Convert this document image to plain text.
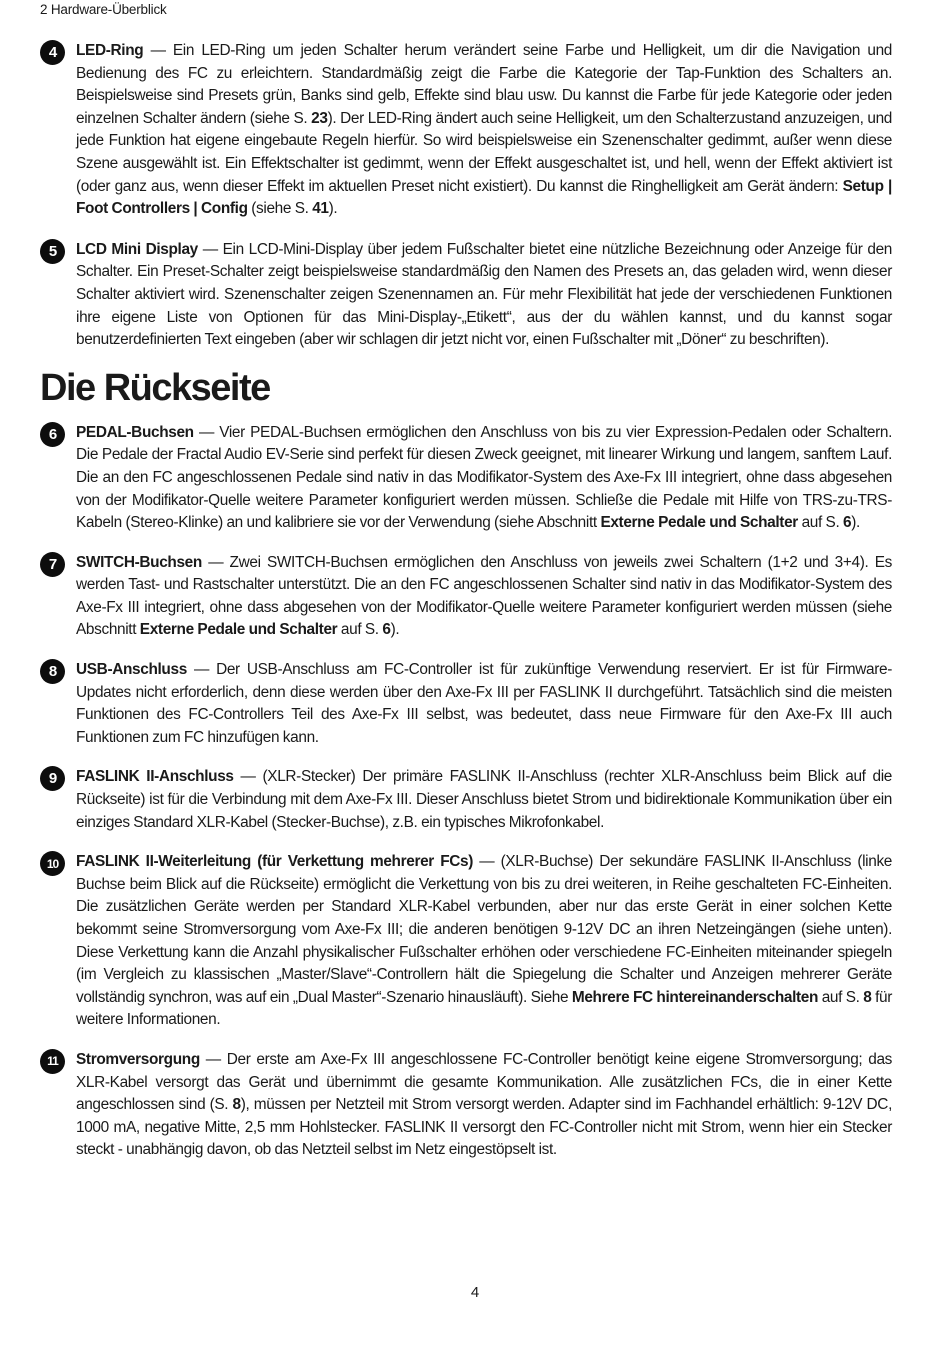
2 Hardware-Überblick
4	LED-Ring — Ein LED-Ring um jeden Schalter herum verändert seine Farbe und Helligkeit, um dir die Navigation und Bedienung des FC zu erleichtern. Standardmäßig zeigt die Farbe die Kategorie der Tap-Funktion des Schalters an. Beispielsweise sind Presets grün, Banks sind gelb, Effekte sind blau usw. Du kannst die Farbe für jede Kategorie oder jeden einzelnen Schalter ändern (siehe S. 23). Der LED-Ring ändert auch seine Helligkeit, um den Schalterzustand anzuzeigen, und jede Funktion hat eigene eingebaute Regeln hierfür. So wird beispielsweise ein Szenenschalter gedimmt, außer wenn diese Szene ausgewählt ist. Ein Effektschalter ist gedimmt, wenn der Effekt ausgeschaltet ist, und hell, wenn der Effekt aktiviert ist (oder ganz aus, wenn dieser Effekt im aktuellen Preset nicht existiert). Du kannst die Ringhelligkeit am Gerät ändern: Setup | Foot Controllers | Config (siehe S. 41).
5	LCD Mini Display — Ein LCD-Mini-Display über jedem Fußschalter bietet eine nützliche Bezeichnung oder Anzeige für den Schalter. Ein Preset-Schalter zeigt beispielsweise standardmäßig den Namen des Presets an, das geladen wird, wenn dieser Schalter aktiviert wird. Szenenschalter zeigen Szenennamen an. Für mehr Flexibilität hat jede der verschiedenen Funktionen ihre eigene Liste von Optionen für das Mini-Display-„Etikett“, aus der du wählen kannst, und du kannst sogar benutzerdefinierten Text eingeben (aber wir schlagen dir jetzt nicht vor, einen Fußschalter mit „Döner“ zu beschriften).
Die Rückseite
6	PEDAL-Buchsen — Vier PEDAL-Buchsen ermöglichen den Anschluss von bis zu vier Expression-Pedalen oder Schaltern. Die Pedale der Fractal Audio EV-Serie sind perfekt für diesen Zweck geeignet, mit linearer Wirkung und langem, sanftem Lauf. Die an den FC angeschlossenen Pedale sind nativ in das Modifikator-System des Axe-Fx III integriert, ohne dass abgesehen von der Modifikator-Quelle weitere Parameter konfiguriert werden müssen. Schließe die Pedale mit Hilfe von TRS-zu-TRS-Kabeln (Stereo-Klinke) an und kalibriere sie vor der Verwendung (siehe Abschnitt Externe Pedale und Schalter auf S. 6).
7	SWITCH-Buchsen — Zwei SWITCH-Buchsen ermöglichen den Anschluss von jeweils zwei Schaltern (1+2 und 3+4). Es werden Tast- und Rastschalter unterstützt. Die an den FC angeschlossenen Schalter sind nativ in das Modifikator-System des Axe-Fx III integriert, ohne dass abgesehen von der Modifikator-Quelle weitere Parameter konfiguriert werden müssen (siehe Abschnitt Externe Pedale und Schalter auf S. 6).
8	USB-Anschluss — Der USB-Anschluss am FC-Controller ist für zukünftige Verwendung reserviert. Er ist für Firmware-Updates nicht erforderlich, denn diese werden über den Axe-Fx III per FASLINK II durchgeführt. Tatsächlich sind die meisten Funktionen des FC-Controllers Teil des Axe-Fx III selbst, was bedeutet, dass neue Firmware für den Axe-Fx III auch Funktionen zum FC hinzufügen kann.
9	FASLINK II-Anschluss — (XLR-Stecker) Der primäre FASLINK II-Anschluss (rechter XLR-Anschluss beim Blick auf die Rückseite) ist für die Verbindung mit dem Axe-Fx III. Dieser Anschluss bietet Strom und bidirektionale Kommunikation über ein einziges Standard XLR-Kabel (Stecker-Buchse), z.B. ein typisches Mikrofonkabel.
10	FASLINK II-Weiterleitung (für Verkettung mehrerer FCs) — (XLR-Buchse) Der sekundäre FASLINK II-Anschluss (linke Buchse beim Blick auf die Rückseite) ermöglicht die Verkettung von bis zu drei weiteren, in Reihe geschalteten FC-Einheiten. Die zusätzlichen Geräte werden per Standard XLR-Kabel verbunden, aber nur das erste Gerät in einer solchen Kette bekommt seine Stromversorgung vom Axe-Fx III; die anderen benötigen 9-12V DC an ihren Netzeingängen (siehe unten). Diese Verkettung kann die Anzahl physikalischer Fußschalter erhöhen oder verschiedene FC-Einheiten miteinander spiegeln (im Vergleich zu klassischen „Master/Slave“-Controllern hält die Spiegelung die Schalter und Anzeigen mehrerer Geräte vollständig synchron, was auf ein „Dual Master“-Szenario hinausläuft). Siehe Mehrere FC hintereinanderschalten auf S. 8 für weitere Informationen.
11	Stromversorgung — Der erste am Axe-Fx III angeschlossene FC-Controller benötigt keine eigene Stromversorgung; das XLR-Kabel versorgt das Gerät und übernimmt die gesamte Kommunikation. Alle zusätzlichen FCs, die in einer Kette angeschlossen sind (S. 8), müssen per Netzteil mit Strom versorgt werden. Adapter sind im Fachhandel erhältlich: 9-12V DC, 1000 mA, negative Mitte, 2,5 mm Hohlstecker. FASLINK II versorgt den FC-Controller nicht mit Strom, wenn hier ein Stecker steckt - unabhängig davon, ob das Netzteil selbst im Netz eingestöpselt ist.
4
